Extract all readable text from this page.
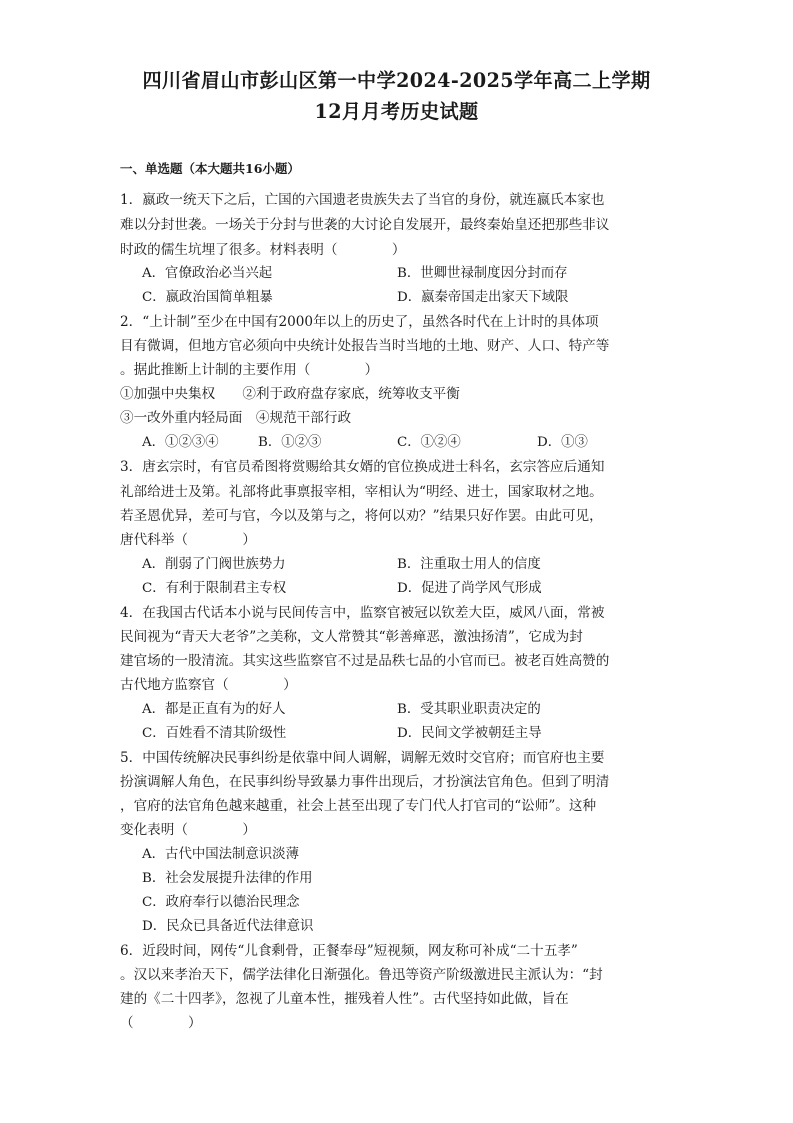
四川省眉山市彭山区第一中学2024-2025学年高二上学期
12月月考历史试题
一、单选题（本大题共16小题）
1．嬴政一统天下之后，亡国的六国遗老贵族失去了当官的身份，就连嬴氏本家也
难以分封世袭。一场关于分封与世袭的大讨论自发展开，最终秦始皇还把那些非议
时政的儒生坑埋了很多。材料表明（　　　　）
A．官僚政治必当兴起	B．世卿世禄制度因分封而存
C．嬴政治国简单粗暴	D．嬴秦帝国走出家天下域限
2．“上计制”至少在中国有2000年以上的历史了，虽然各时代在上计时的具体项
目有微调，但地方官必须向中央统计处报告当时当地的土地、财产、人口、特产等
。据此推断上计制的主要作用（　　　　）
①加强中央集权　　②利于政府盘存家底，统筹收支平衡
③一改外重内轻局面　④规范干部行政
A．①②③④	B．①②③	C．①②④	D．①③
3．唐玄宗时，有官员希图将赏赐给其女婿的官位换成进士科名，玄宗答应后通知
礼部给进士及第。礼部将此事禀报宰相，宰相认为“明经、进士，国家取材之地。
若圣恩优异，差可与官，今以及第与之，将何以劝？”结果只好作罢。由此可见，
唐代科举（　　　　）
A．削弱了门阀世族势力	B．注重取士用人的信度
C．有利于限制君主专权	D．促进了尚学风气形成
4．在我国古代话本小说与民间传言中，监察官被冠以钦差大臣，威风八面，常被
民间视为“青天大老爷”之美称，文人常赞其“彰善瘅恶，激浊扬清”，它成为封
建官场的一股清流。其实这些监察官不过是品秩七品的小官而已。被老百姓高赞的
古代地方监察官（　　　　）
A．都是正直有为的好人	B．受其职业职责决定的
C．百姓看不清其阶级性	D．民间文学被朝廷主导
5．中国传统解决民事纠纷是依靠中间人调解，调解无效时交官府；而官府也主要
扮演调解人角色，在民事纠纷导致暴力事件出现后，才扮演法官角色。但到了明清
，官府的法官角色越来越重，社会上甚至出现了专门代人打官司的“讼师”。这种
变化表明（　　　　）
A．古代中国法制意识淡薄
B．社会发展提升法律的作用
C．政府奉行以德治民理念
D．民众已具备近代法律意识
6．近段时间，网传“儿食剩骨，正餐奉母”短视频，网友称可补成“二十五孝”
。汉以来孝治天下，儒学法律化日渐强化。鲁迅等资产阶级激进民主派认为：“封
建的《二十四孝》，忽视了儿童本性，摧残着人性”。古代坚持如此做，旨在
（　　　　）
